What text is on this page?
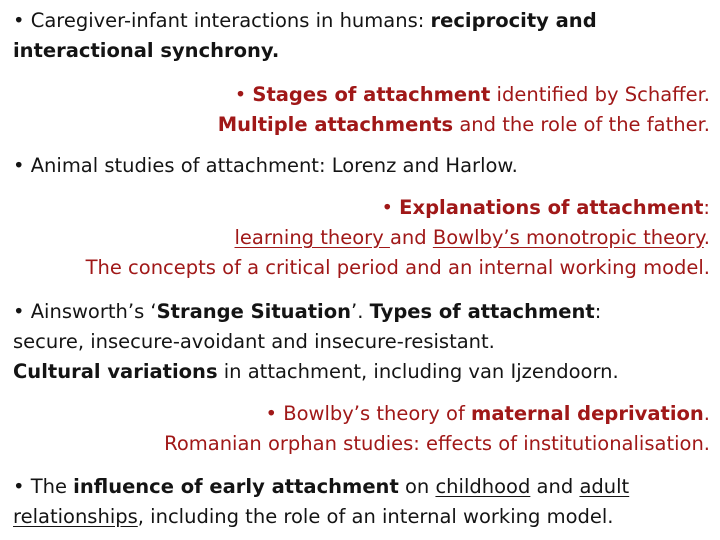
• Caregiver-infant interactions in humans: reciprocity and
interactional synchrony.
• Stages of attachment identified by Schaffer.
Multiple attachments and the role of the father.
• Animal studies of attachment: Lorenz and Harlow.
• Explanations of attachment:
learning theory and Bowlby’s monotropic theory.
The concepts of a critical period and an internal working model.
• Ainsworth’s ‘Strange Situation’. Types of attachment:
secure, insecure-avoidant and insecure-resistant.
Cultural variations in attachment, including van Ijzendoorn.
• Bowlby’s theory of maternal deprivation.
Romanian orphan studies: effects of institutionalisation.
• The influence of early attachment on childhood and adult
relationships, including the role of an internal working model.
